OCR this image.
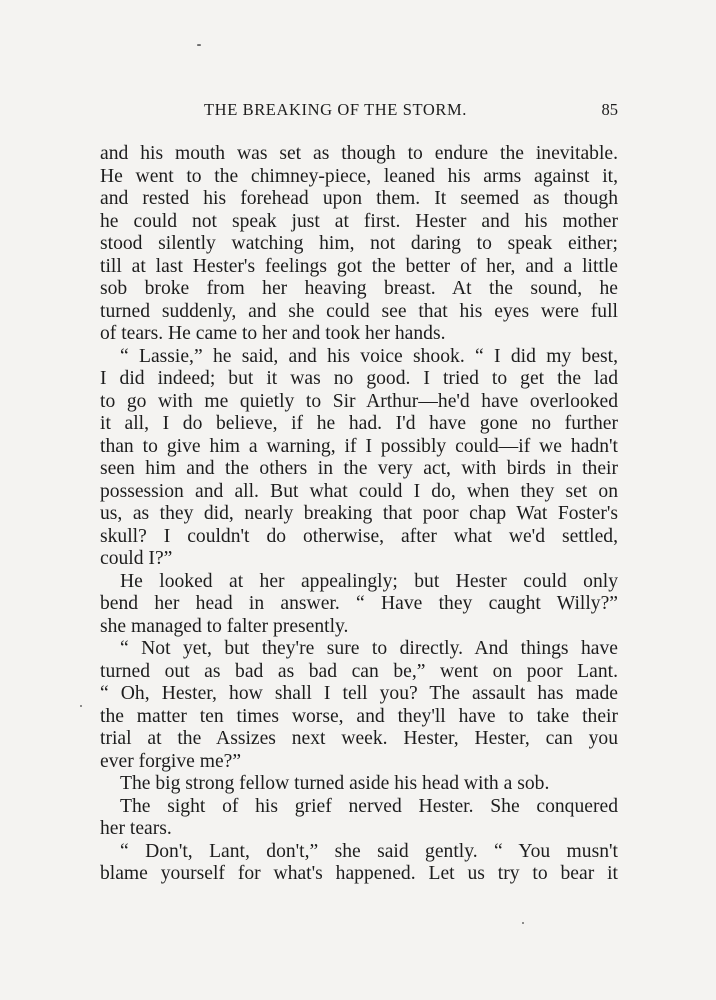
THE BREAKING OF THE STORM.	85
and his mouth was set as though to endure the inevitable.
He went to the chimney-piece, leaned his arms against it,
and rested his forehead upon them. It seemed as though
he could not speak just at first. Hester and his mother
stood silently watching him, not daring to speak either;
till at last Hester's feelings got the better of her, and a little
sob broke from her heaving breast. At the sound, he
turned suddenly, and she could see that his eyes were full
of tears. He came to her and took her hands.
“ Lassie,” he said, and his voice shook. “ I did my best,
I did indeed; but it was no good. I tried to get the lad
to go with me quietly to Sir Arthur—he'd have overlooked
it all, I do believe, if he had. I'd have gone no further
than to give him a warning, if I possibly could—if we hadn't
seen him and the others in the very act, with birds in their
possession and all. But what could I do, when they set on
us, as they did, nearly breaking that poor chap Wat Foster's
skull? I couldn't do otherwise, after what we'd settled,
could I?”
He looked at her appealingly; but Hester could only
bend her head in answer. “ Have they caught Willy?”
she managed to falter presently.
“ Not yet, but they're sure to directly. And things have
turned out as bad as bad can be,” went on poor Lant.
“ Oh, Hester, how shall I tell you? The assault has made
the matter ten times worse, and they'll have to take their
trial at the Assizes next week. Hester, Hester, can you
ever forgive me?”
The big strong fellow turned aside his head with a sob.
The sight of his grief nerved Hester. She conquered
her tears.
“ Don't, Lant, don't,” she said gently. “ You musn't
blame yourself for what's happened. Let us try to bear it
